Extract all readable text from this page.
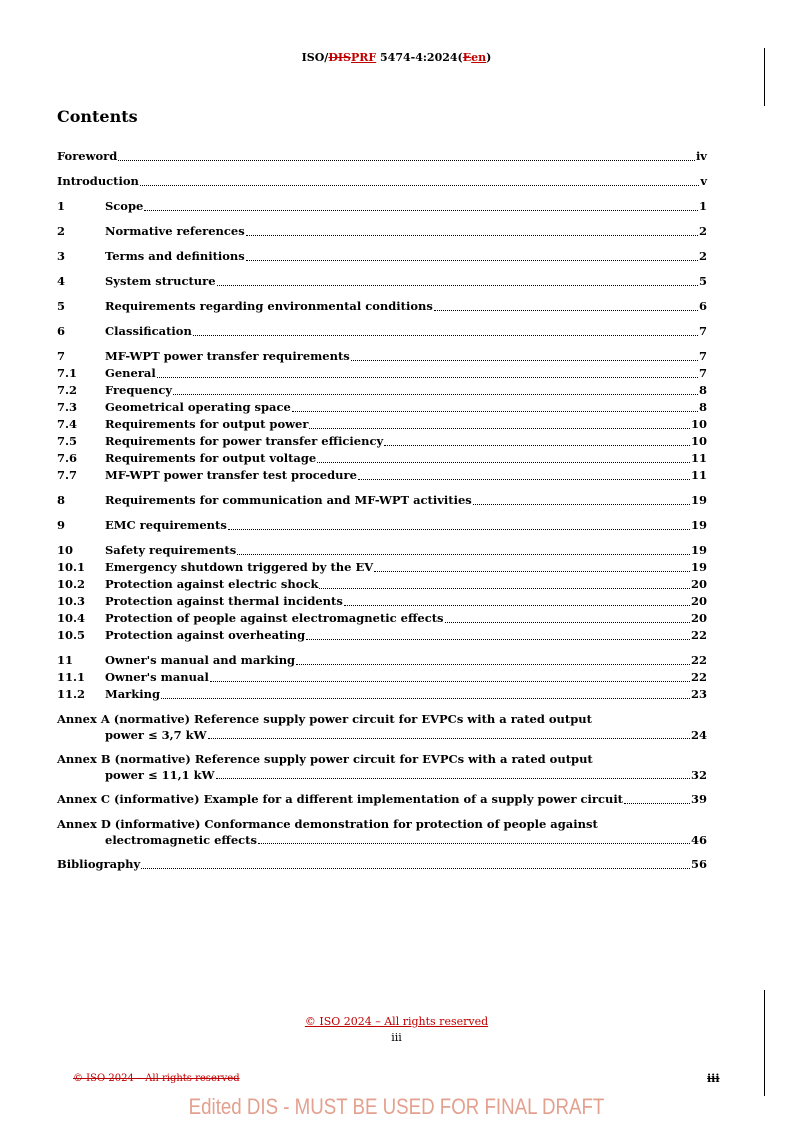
ISO/DISPRF 5474-4:2024(Een)
Contents
Foreword	iv
Introduction	v
1	Scope	1
2	Normative references	2
3	Terms and definitions	2
4	System structure	5
5	Requirements regarding environmental conditions	6
6	Classification	7
7	MF-WPT power transfer requirements	7
7.1	General	7
7.2	Frequency	8
7.3	Geometrical operating space	8
7.4	Requirements for output power	10
7.5	Requirements for power transfer efficiency	10
7.6	Requirements for output voltage	11
7.7	MF-WPT power transfer test procedure	11
8	Requirements for communication and MF-WPT activities	19
9	EMC requirements	19
10	Safety requirements	19
10.1	Emergency shutdown triggered by the EV	19
10.2	Protection against electric shock	20
10.3	Protection against thermal incidents	20
10.4	Protection of people against electromagnetic effects	20
10.5	Protection against overheating	22
11	Owner's manual and marking	22
11.1	Owner's manual	22
11.2	Marking	23
Annex A (normative) Reference supply power circuit for EVPCs with a rated output
power ≤ 3,7 kW	24
Annex B (normative) Reference supply power circuit for EVPCs with a rated output
power ≤ 11,1 kW	32
Annex C (informative) Example for a different implementation of a supply power circuit	39
Annex D (informative) Conformance demonstration for protection of people against
electromagnetic effects	46
Bibliography	56
© ISO 2024 – All rights reserved
iii
© ISO 2024 – All rights reserved	iii
Edited DIS - MUST BE USED FOR FINAL DRAFT
